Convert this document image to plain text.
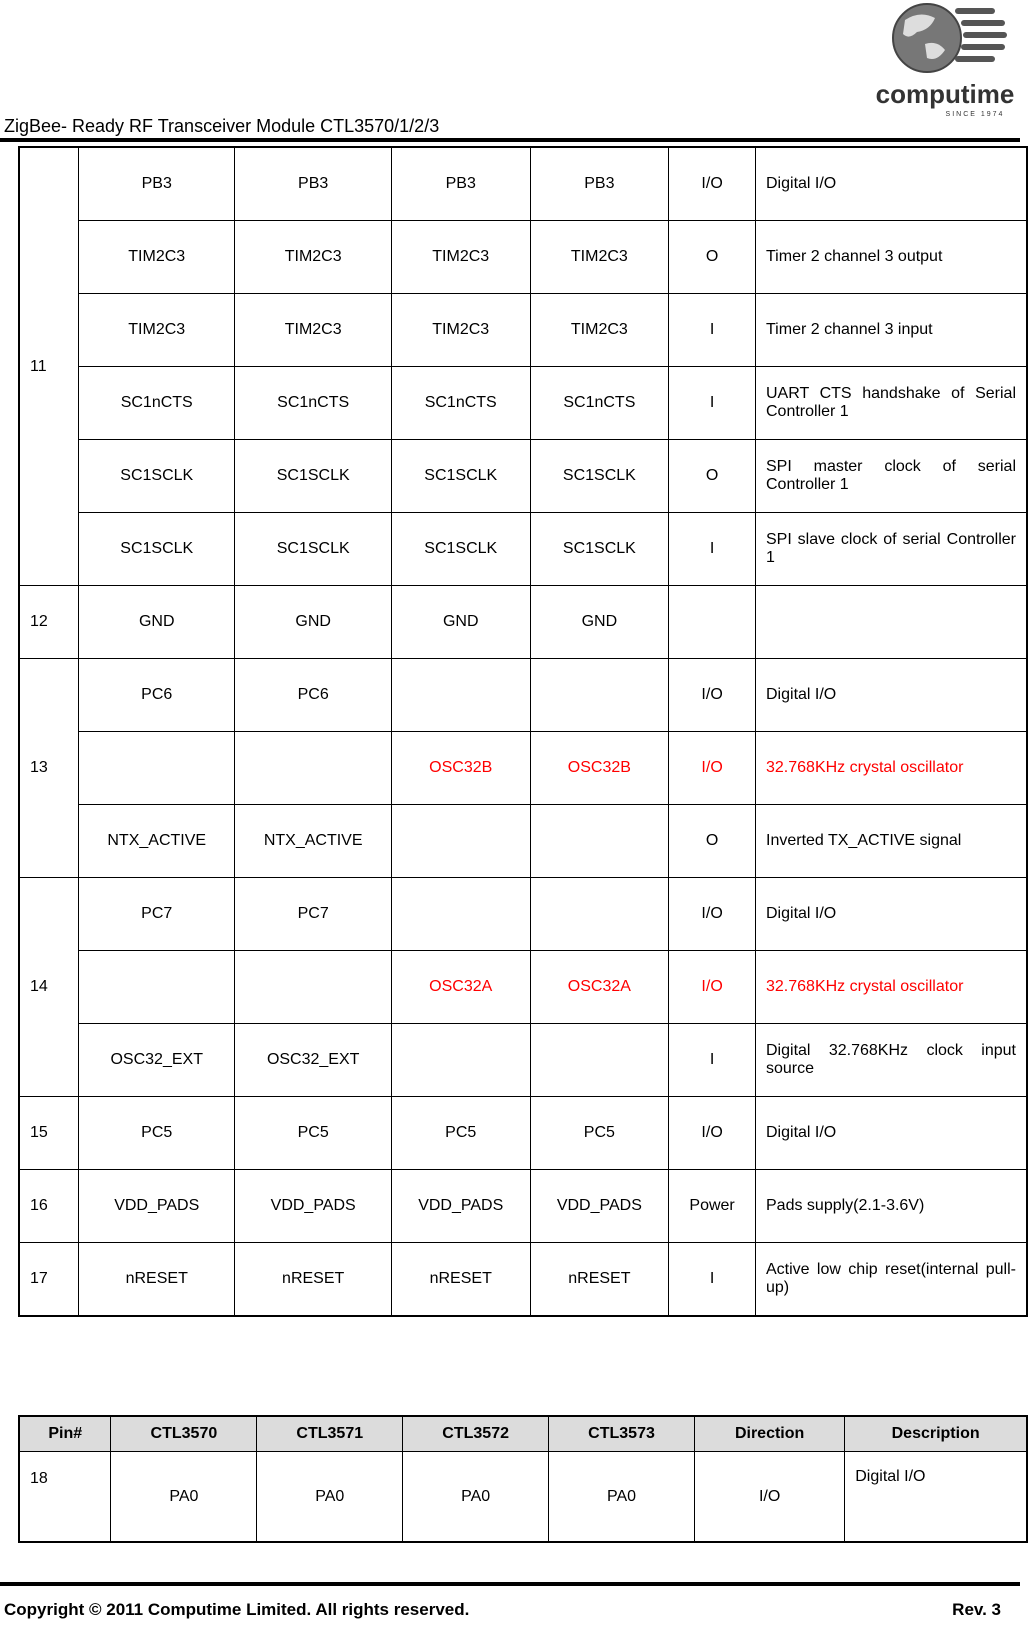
ZigBee- Ready RF Transceiver Module CTL3570/1/2/3
computime
SINCE 1974
11	PB3	PB3	PB3	PB3	I/O	Digital I/O
	TIM2C3	TIM2C3	TIM2C3	TIM2C3	O	Timer 2 channel 3 output
	TIM2C3	TIM2C3	TIM2C3	TIM2C3	I	Timer 2 channel 3 input
	SC1nCTS	SC1nCTS	SC1nCTS	SC1nCTS	I	UART CTS handshake of Serial Controller 1
	SC1SCLK	SC1SCLK	SC1SCLK	SC1SCLK	O	SPI master clock of serial Controller 1
	SC1SCLK	SC1SCLK	SC1SCLK	SC1SCLK	I	SPI slave clock of serial Controller 1
12	GND	GND	GND	GND		
13	PC6	PC6			I/O	Digital I/O
			OSC32B	OSC32B	I/O	32.768KHz crystal oscillator
	NTX_ACTIVE	NTX_ACTIVE			O	Inverted TX_ACTIVE signal
14	PC7	PC7			I/O	Digital I/O
			OSC32A	OSC32A	I/O	32.768KHz crystal oscillator
	OSC32_EXT	OSC32_EXT			I	Digital 32.768KHz clock input source
15	PC5	PC5	PC5	PC5	I/O	Digital I/O
16	VDD_PADS	VDD_PADS	VDD_PADS	VDD_PADS	Power	Pads supply(2.1-3.6V)
17	nRESET	nRESET	nRESET	nRESET	I	Active low chip reset(internal pull-up)
Pin#	CTL3570	CTL3571	CTL3572	CTL3573	Direction	Description
18	PA0	PA0	PA0	PA0	I/O	Digital I/O
Copyright © 2011 Computime Limited. All rights reserved.	Rev. 3
